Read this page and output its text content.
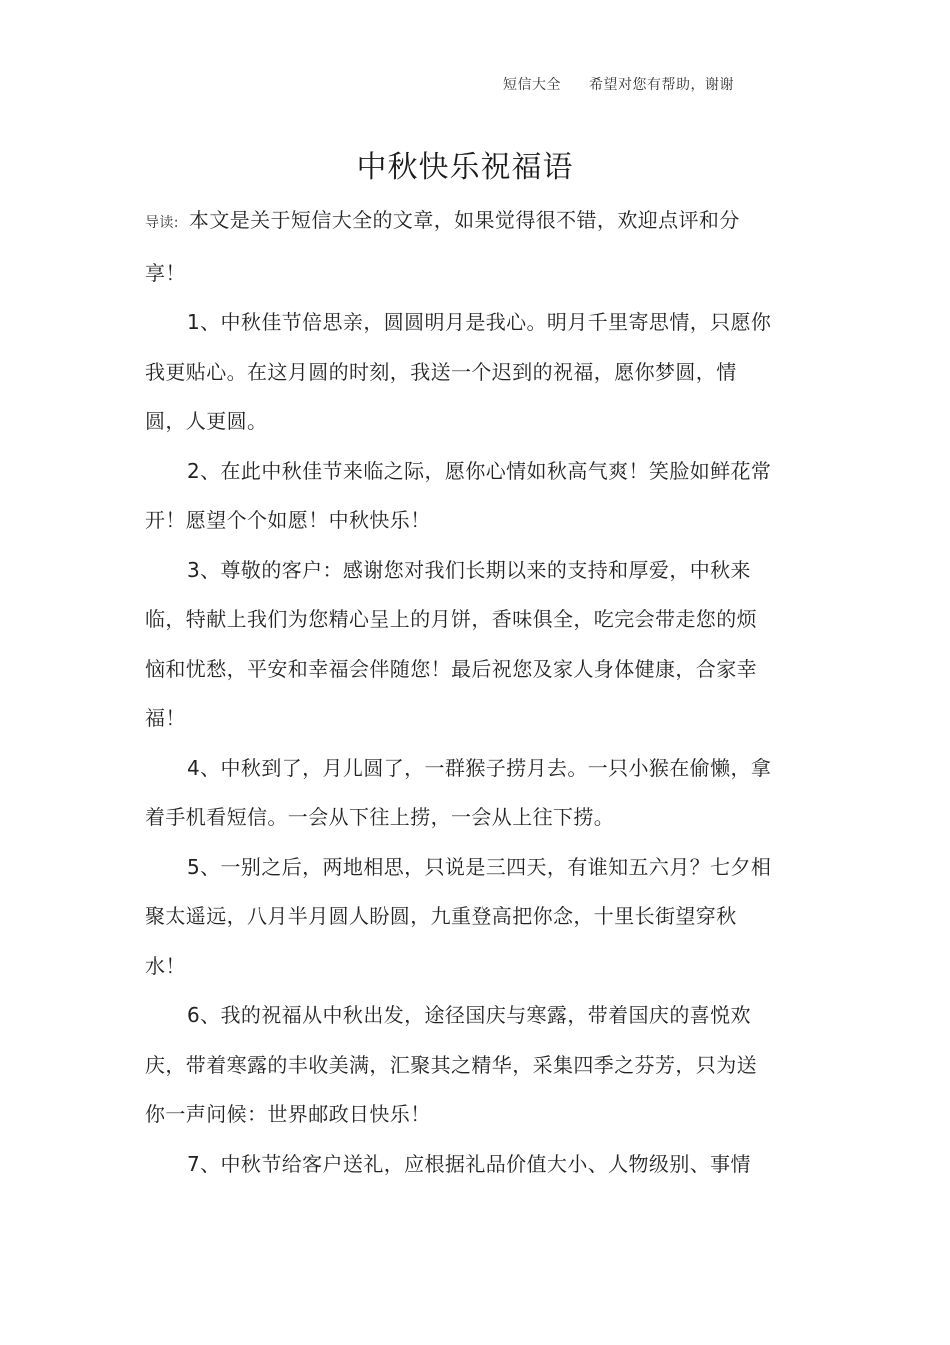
短信大全 希望对您有帮助，谢谢
中秋快乐祝福语

导读: 本文是关于短信大全的文章，如果觉得很不错，欢迎点评和分享！

1、中秋佳节倍思亲，圆圆明月是我心。明月千里寄思情，只愿你我更贴心。在这月圆的时刻，我送一个迟到的祝福，愿你梦圆，情圆，人更圆。

2、在此中秋佳节来临之际，愿你心情如秋高气爽！笑脸如鲜花常开！愿望个个如愿！中秋快乐！

3、尊敬的客户：感谢您对我们长期以来的支持和厚爱，中秋来临，特献上我们为您精心呈上的月饼，香味俱全，吃完会带走您的烦恼和忧愁，平安和幸福会伴随您！最后祝您及家人身体健康，合家幸福！

4、中秋到了，月儿圆了，一群猴子捞月去。一只小猴在偷懒，拿着手机看短信。一会从下往上捞，一会从上往下捞。

5、一别之后，两地相思，只说是三四天，有谁知五六月？七夕相聚太遥远，八月半月圆人盼圆，九重登高把你念，十里长街望穿秋水！

6、我的祝福从中秋出发，途径国庆与寒露，带着国庆的喜悦欢庆，带着寒露的丰收美满，汇聚其之精华，采集四季之芬芳，只为送你一声问候：世界邮政日快乐！

7、中秋节给客户送礼，应根据礼品价值大小、人物级别、事情
